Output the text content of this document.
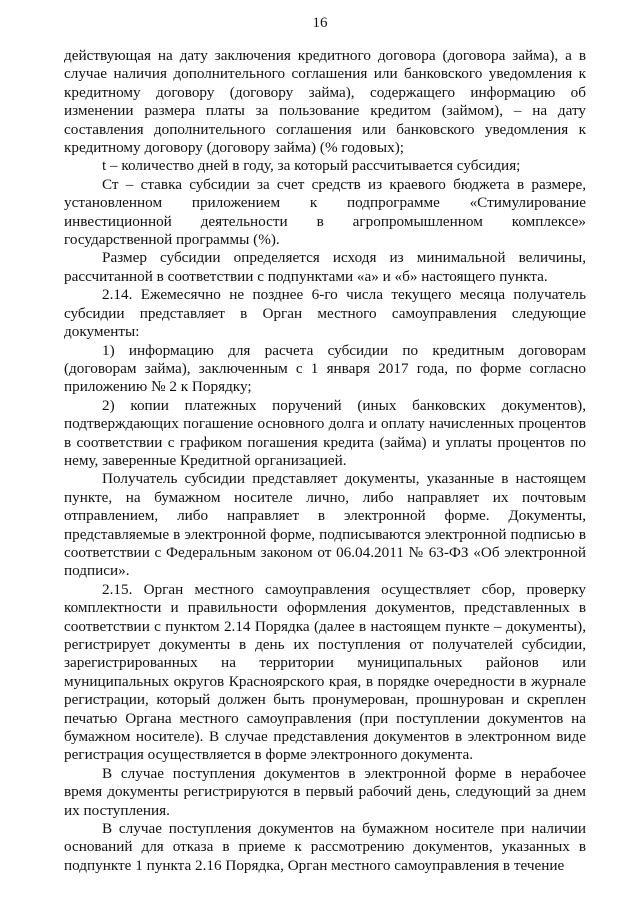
16

действующая на дату заключения кредитного договора (договора займа), а в случае наличия дополнительного соглашения или банковского уведомления к кредитному договору (договору займа), содержащего информацию об изменении размера платы за пользование кредитом (займом), – на дату составления дополнительного соглашения или банковского уведомления к кредитному договору (договору займа) (% годовых);

t – количество дней в году, за который рассчитывается субсидия;

Ст – ставка субсидии за счет средств из краевого бюджета в размере, установленном приложением к подпрограмме «Стимулирование инвестиционной деятельности в агропромышленном комплексе» государственной программы (%).

Размер субсидии определяется исходя из минимальной величины, рассчитанной в соответствии с подпунктами «а» и «б» настоящего пункта.

2.14. Ежемесячно не позднее 6-го числа текущего месяца получатель субсидии представляет в Орган местного самоуправления следующие документы:

1) информацию для расчета субсидии по кредитным договорам (договорам займа), заключенным с 1 января 2017 года, по форме согласно приложению № 2 к Порядку;

2) копии платежных поручений (иных банковских документов), подтверждающих погашение основного долга и оплату начисленных процентов в соответствии с графиком погашения кредита (займа) и уплаты процентов по нему, заверенные Кредитной организацией.

Получатель субсидии представляет документы, указанные в настоящем пункте, на бумажном носителе лично, либо направляет их почтовым отправлением, либо направляет в электронной форме. Документы, представляемые в электронной форме, подписываются электронной подписью в соответствии с Федеральным законом от 06.04.2011 № 63-ФЗ «Об электронной подписи».

2.15. Орган местного самоуправления осуществляет сбор, проверку комплектности и правильности оформления документов, представленных в соответствии с пунктом 2.14 Порядка (далее в настоящем пункте – документы), регистрирует документы в день их поступления от получателей субсидии, зарегистрированных на территории муниципальных районов или муниципальных округов Красноярского края, в порядке очередности в журнале регистрации, который должен быть пронумерован, прошнурован и скреплен печатью Органа местного самоуправления (при поступлении документов на бумажном носителе). В случае представления документов в электронном виде регистрация осуществляется в форме электронного документа.

В случае поступления документов в электронной форме в нерабочее время документы регистрируются в первый рабочий день, следующий за днем их поступления.

В случае поступления документов на бумажном носителе при наличии оснований для отказа в приеме к рассмотрению документов, указанных в подпункте 1 пункта 2.16 Порядка, Орган местного самоуправления в течение
